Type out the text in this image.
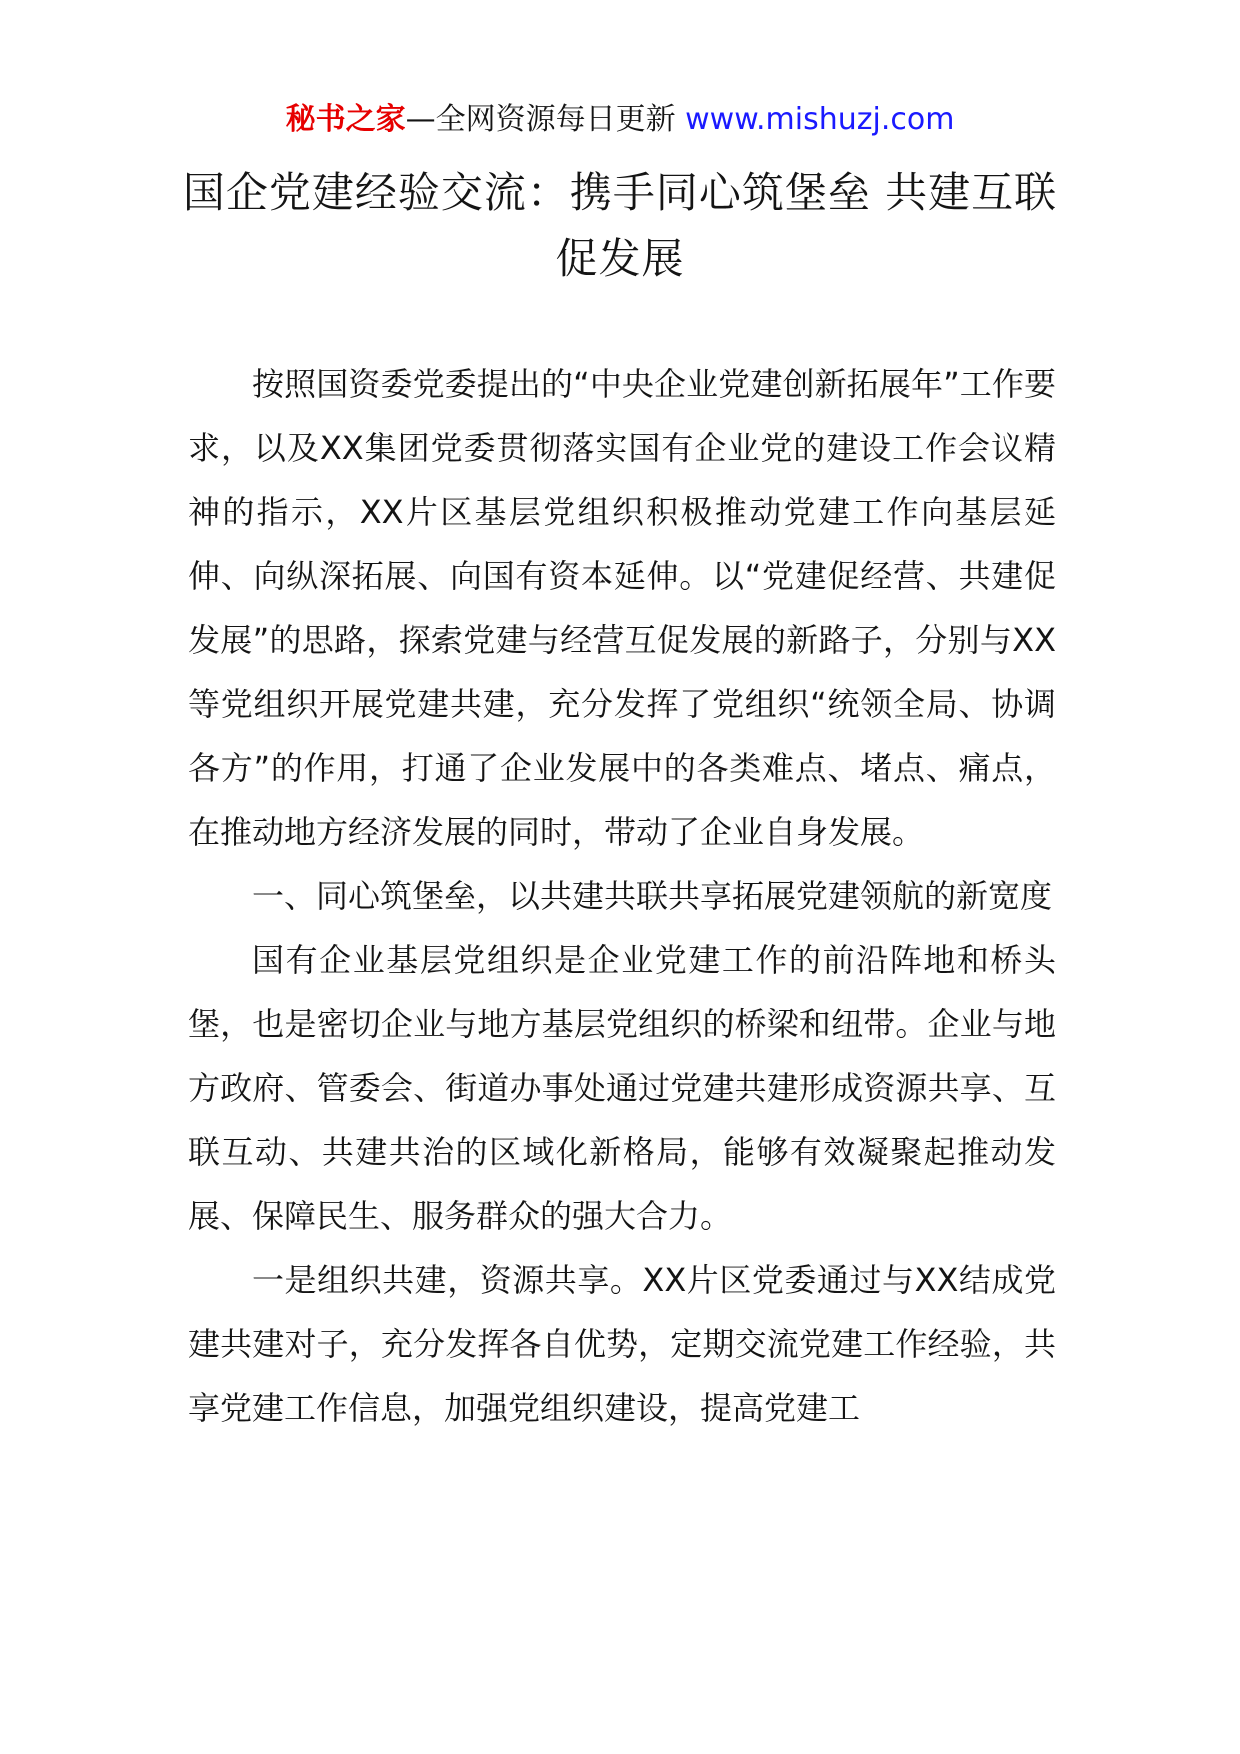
秘书之家—全网资源每日更新 www.mishuzj.com
国企党建经验交流：携手同心筑堡垒 共建互联促发展

按照国资委党委提出的“中央企业党建创新拓展年”工作要求，以及XX集团党委贯彻落实国有企业党的建设工作会议精神的指示，XX片区基层党组织积极推动党建工作向基层延伸、向纵深拓展、向国有资本延伸。以“党建促经营、共建促发展”的思路，探索党建与经营互促发展的新路子，分别与XX等党组织开展党建共建，充分发挥了党组织“统领全局、协调各方”的作用，打通了企业发展中的各类难点、堵点、痛点，在推动地方经济发展的同时，带动了企业自身发展。

一、同心筑堡垒，以共建共联共享拓展党建领航的新宽度

国有企业基层党组织是企业党建工作的前沿阵地和桥头堡，也是密切企业与地方基层党组织的桥梁和纽带。企业与地方政府、管委会、街道办事处通过党建共建形成资源共享、互联互动、共建共治的区域化新格局，能够有效凝聚起推动发展、保障民生、服务群众的强大合力。

一是组织共建，资源共享。XX片区党委通过与XX结成党建共建对子，充分发挥各自优势，定期交流党建工作经验，共享党建工作信息，加强党组织建设，提高党建工
